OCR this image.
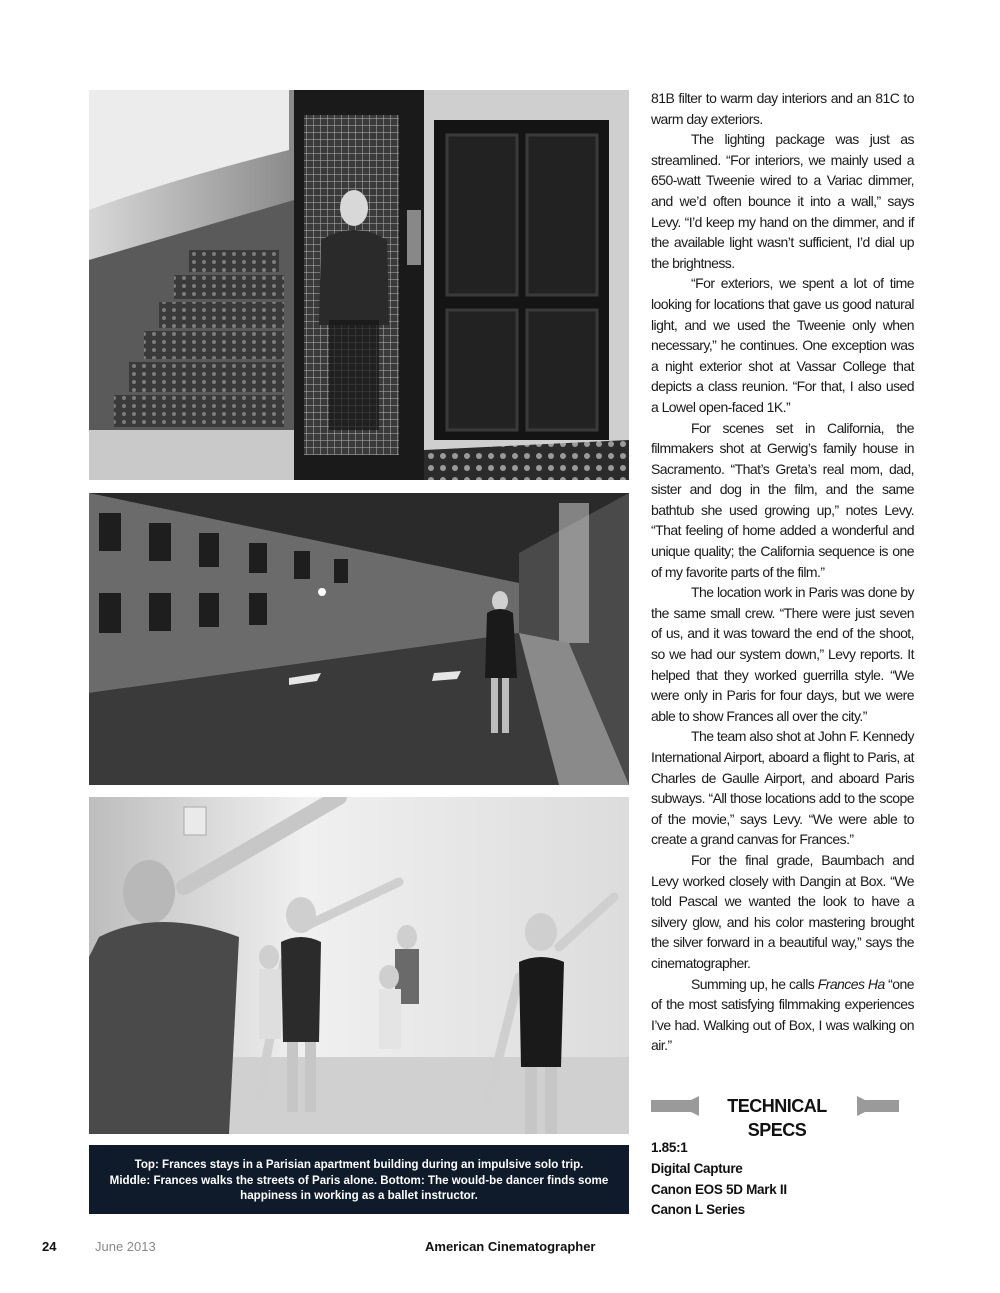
Top: Frances stays in a Parisian apartment building during an impulsive solo trip.
Middle: Frances walks the streets of Paris alone. Bottom: The would-be dancer finds some
happiness in working as a ballet instructor.

81B filter to warm day interiors and an 81C to warm day exteriors.

The lighting package was just as streamlined. “For interiors, we mainly used a 650-watt Tweenie wired to a Variac dimmer, and we’d often bounce it into a wall,” says Levy. “I’d keep my hand on the dimmer, and if the available light wasn’t sufficient, I’d dial up the brightness.

“For exteriors, we spent a lot of time looking for locations that gave us good natural light, and we used the Tweenie only when necessary,” he continues. One exception was a night exterior shot at Vassar College that depicts a class reunion. “For that, I also used a Lowel open-faced 1K.”

For scenes set in California, the filmmakers shot at Gerwig’s family house in Sacramento. “That’s Greta’s real mom, dad, sister and dog in the film, and the same bathtub she used growing up,” notes Levy. “That feeling of home added a wonderful and unique quality; the California sequence is one of my favorite parts of the film.”

The location work in Paris was done by the same small crew. “There were just seven of us, and it was toward the end of the shoot, so we had our system down,” Levy reports. It helped that they worked guerrilla style. “We were only in Paris for four days, but we were able to show Frances all over the city.”

The team also shot at John F. Kennedy International Airport, aboard a flight to Paris, at Charles de Gaulle Airport, and aboard Paris subways. “All those locations add to the scope of the movie,” says Levy. “We were able to create a grand canvas for Frances.”

For the final grade, Baumbach and Levy worked closely with Dangin at Box. “We told Pascal we wanted the look to have a silvery glow, and his color mastering brought the silver forward in a beautiful way,” says the cinematographer.

Summing up, he calls Frances Ha “one of the most satisfying filmmaking experiences I’ve had. Walking out of Box, I was walking on air.”

TECHNICAL SPECS
1.85:1
Digital Capture
Canon EOS 5D Mark II
Canon L Series
24	June 2013	American Cinematographer
